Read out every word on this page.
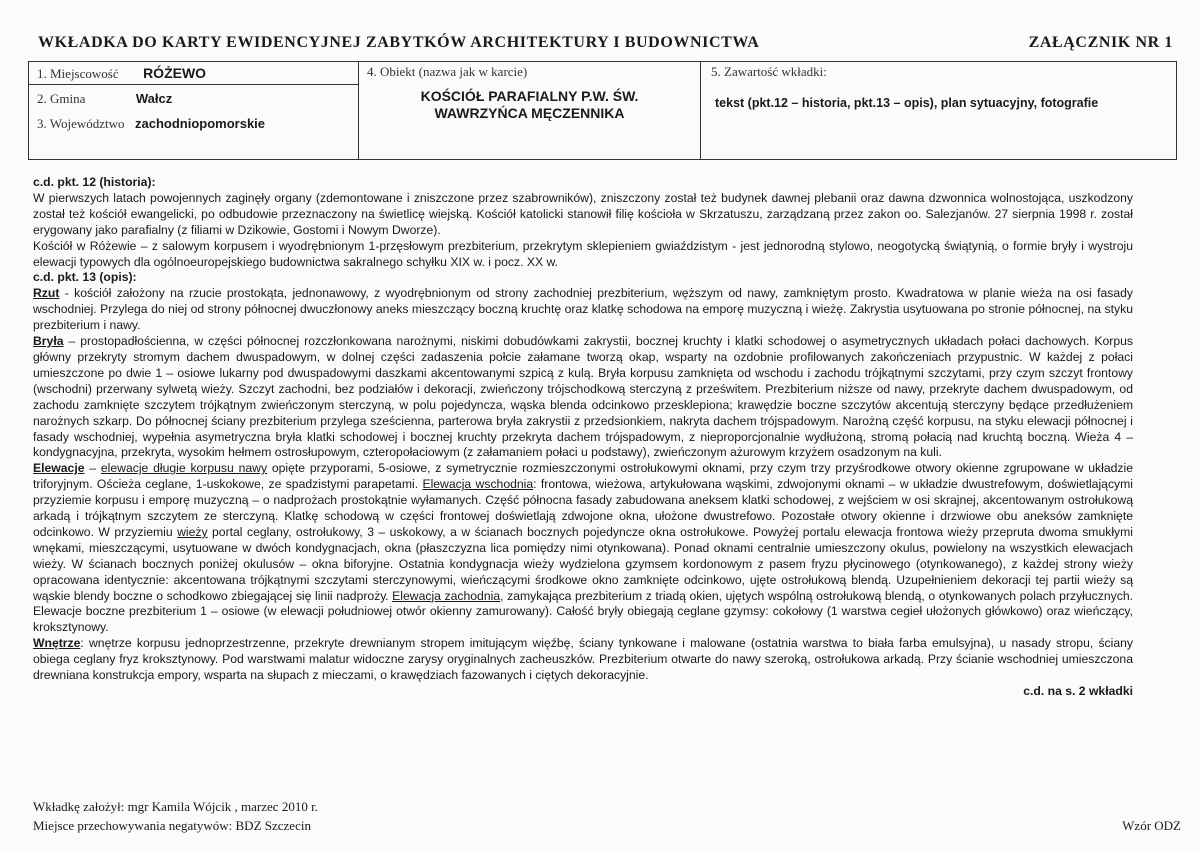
WKŁADKA DO KARTY EWIDENCYJNEJ ZABYTKÓW ARCHITEKTURY I BUDOWNICTWA	ZAŁĄCZNIK NR 1
1. Miejscowość RÓŻEWO
2. Gmina	Wałcz
3. Województwo zachodniopomorskie
4. Obiekt (nazwa jak w karcie)
KOŚCIÓŁ PARAFIALNY P.W. ŚW.
WAWRZYŃCA MĘCZENNIKA
5. Zawartość wkładki:
tekst (pkt.12 – historia, pkt.13 – opis), plan sytuacyjny, fotografie

c.d. pkt. 12 (historia):

W pierwszych latach powojennych zaginęły organy (zdemontowane i zniszczone przez szabrowników), zniszczony został też budynek dawnej plebanii oraz dawna dzwonnica wolnostojąca, uszkodzony został też kościół ewangelicki, po odbudowie przeznaczony na świetlicę wiejską. Kościół katolicki stanowił filię kościoła w Skrzatuszu, zarządzaną przez zakon oo. Salezjanów. 27 sierpnia 1998 r. został erygowany jako parafialny (z filiami w Dzikowie, Gostomi i Nowym Dworze).

Kościół w Różewie – z salowym korpusem i wyodrębnionym 1-przęsłowym prezbiterium, przekrytym sklepieniem gwiaździstym - jest jednorodną stylowo, neogotycką świątynią, o formie bryły i wystroju elewacji typowych dla ogólnoeuropejskiego budownictwa sakralnego schyłku XIX w. i pocz. XX w.

c.d. pkt. 13 (opis):

Rzut - kościół założony na rzucie prostokąta, jednonawowy, z wyodrębnionym od strony zachodniej prezbiterium, węższym od nawy, zamkniętym prosto. Kwadratowa w planie wieża na osi fasady wschodniej. Przylega do niej od strony północnej dwuczłonowy aneks mieszczący boczną kruchtę oraz klatkę schodowa na emporę muzyczną i wieżę. Zakrystia usytuowana po stronie północnej, na styku prezbiterium i nawy.

Bryła – prostopadłościenna, w części północnej rozczłonkowana narożnymi, niskimi dobudówkami zakrystii, bocznej kruchty i klatki schodowej o asymetrycznych układach połaci dachowych. Korpus główny przekryty stromym dachem dwuspadowym, w dolnej części zadaszenia połcie załamane tworzą okap, wsparty na ozdobnie profilowanych zakończeniach przypustnic. W każdej z połaci umieszczone po dwie 1 – osiowe lukarny pod dwuspadowymi daszkami akcentowanymi szpicą z kulą. Bryła korpusu zamknięta od wschodu i zachodu trójkątnymi szczytami, przy czym szczyt frontowy (wschodni) przerwany sylwetą wieży. Szczyt zachodni, bez podziałów i dekoracji, zwieńczony trójschodkową sterczyną z prześwitem. Prezbiterium niższe od nawy, przekryte dachem dwuspadowym, od zachodu zamknięte szczytem trójkątnym zwieńczonym sterczyną, w polu pojedyncza, wąska blenda odcinkowo przesklepiona; krawędzie boczne szczytów akcentują sterczyny będące przedłużeniem narożnych szkarp. Do północnej ściany prezbiterium przylega sześcienna, parterowa bryła zakrystii z przedsionkiem, nakryta dachem trójspadowym. Narożną część korpusu, na styku elewacji północnej i fasady wschodniej, wypełnia asymetryczna bryła klatki schodowej i bocznej kruchty przekryta dachem trójspadowym, z nieproporcjonalnie wydłużoną, stromą połacią nad kruchtą boczną. Wieża 4 – kondygnacyjna, przekryta, wysokim hełmem ostrosłupowym, czteropołaciowym (z załamaniem połaci u podstawy), zwieńczonym ażurowym krzyżem osadzonym na kuli.

Elewacje – elewacje długie korpusu nawy opięte przyporami, 5-osiowe, z symetrycznie rozmieszczonymi ostrołukowymi oknami, przy czym trzy przyśrodkowe otwory okienne zgrupowane w układzie triforyjnym. Ościeża ceglane, 1-uskokowe, ze spadzistymi parapetami. Elewacja wschodnia: frontowa, wieżowa, artykułowana wąskimi, zdwojonymi oknami – w układzie dwustrefowym, doświetlającymi przyziemie korpusu i emporę muzyczną – o nadprożach prostokątnie wyłamanych. Część północna fasady zabudowana aneksem klatki schodowej, z wejściem w osi skrajnej, akcentowanym ostrołukową arkadą i trójkątnym szczytem ze sterczyną. Klatkę schodową w części frontowej doświetlają zdwojone okna, ułożone dwustrefowo. Pozostałe otwory okienne i drzwiowe obu aneksów zamknięte odcinkowo. W przyziemiu wieży portal ceglany, ostrołukowy, 3 – uskokowy, a w ścianach bocznych pojedyncze okna ostrołukowe. Powyżej portalu elewacja frontowa wieży przeprutа dwoma smukłymi wnękami, mieszczącymi, usytuowane w dwóch kondygnacjach, okna (płaszczyzna lica pomiędzy nimi otynkowana). Ponad oknami centralnie umieszczony okulus, powielony na wszystkich elewacjach wieży. W ścianach bocznych poniżej okulusów – okna biforyjne. Ostatnia kondygnacja wieży wydzielona gzymsem kordonowym z pasem fryzu płycinowego (otynkowanego), z każdej strony wieży opracowana identycznie: akcentowana trójkątnymi szczytami sterczynowymi, wieńczącymi środkowe okno zamknięte odcinkowo, ujęte ostrołukową blendą. Uzupełnieniem dekoracji tej partii wieży są wąskie blendy boczne o schodkowo zbiegającej się linii nadprożу. Elewacja zachodnia, zamykająca prezbiterium z triadą okien, ujętych wspólną ostrołukową blendą, o otynkowanych polach przyłucznych. Elewacje boczne prezbiterium 1 – osiowe (w elewacji południowej otwór okienny zamurowany). Całość bryły obiegają ceglane gzymsy: cokołowy (1 warstwa cegieł ułożonych główkowo) oraz wieńczący, kroksztynowy.

Wnętrze: wnętrze korpusu jednoprzestrzenne, przekryte drewnianym stropem imitującym więźbę, ściany tynkowane i malowane (ostatnia warstwa to biała farba emulsyjna), u nasady stropu, ściany obiega ceglany fryz kroksztynowy. Pod warstwami malatur widoczne zarysy oryginalnych zacheuszków. Prezbiterium otwarte do nawy szeroką, ostrołukowa arkadą. Przy ścianie wschodniej umieszczona drewniana konstrukcja empory, wsparta na słupach z mieczami, o krawędziach fazowanych i ciętych dekoracyjnie.

c.d. na s. 2 wkładki

Wkładkę założył: mgr Kamila Wójcik , marzec 2010 r.
Miejsce przechowywania negatywów: BDZ Szczecin	Wzór ODZ
